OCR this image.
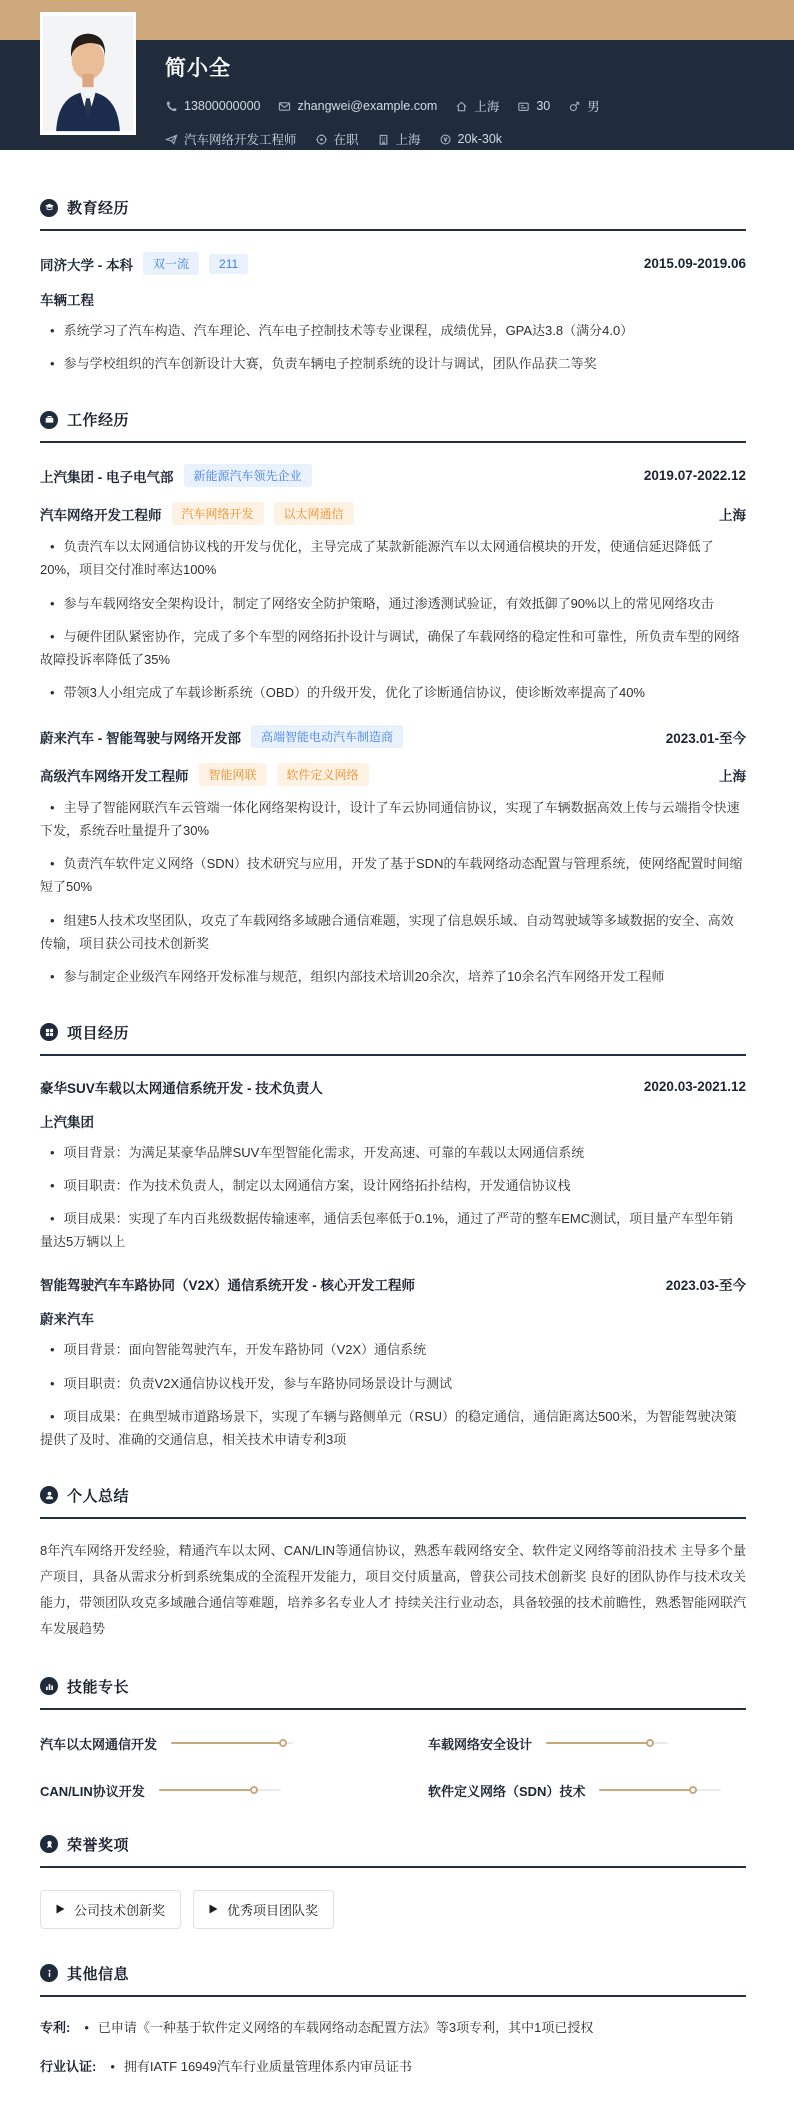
简小全
13800000000	zhangwei@example.com	上海	30	男
汽车网络开发工程师	在职	上海	20k-30k
教育经历
同济大学 - 本科	双一流	211	2015.09-2019.06
车辆工程

• 系统学习了汽车构造、汽车理论、汽车电子控制技术等专业课程，成绩优异，GPA达3.8（满分4.0）

• 参与学校组织的汽车创新设计大赛，负责车辆电子控制系统的设计与调试，团队作品获二等奖

工作经历
上汽集团 - 电子电气部	新能源汽车领先企业	2019.07-2022.12
汽车网络开发工程师	汽车网络开发	以太网通信	上海

• 负责汽车以太网通信协议栈的开发与优化，主导完成了某款新能源汽车以太网通信模块的开发，使通信延迟降低了20%，项目交付准时率达100%

• 参与车载网络安全架构设计，制定了网络安全防护策略，通过渗透测试验证，有效抵御了90%以上的常见网络攻击

• 与硬件团队紧密协作，完成了多个车型的网络拓扑设计与调试，确保了车载网络的稳定性和可靠性，所负责车型的网络故障投诉率降低了35%

• 带领3人小组完成了车载诊断系统（OBD）的升级开发，优化了诊断通信协议，使诊断效率提高了40%

蔚来汽车 - 智能驾驶与网络开发部	高端智能电动汽车制造商	2023.01-至今
高级汽车网络开发工程师	智能网联	软件定义网络	上海

• 主导了智能网联汽车云管端一体化网络架构设计，设计了车云协同通信协议，实现了车辆数据高效上传与云端指令快速下发，系统吞吐量提升了30%

• 负责汽车软件定义网络（SDN）技术研究与应用，开发了基于SDN的车载网络动态配置与管理系统，使网络配置时间缩短了50%

• 组建5人技术攻坚团队，攻克了车载网络多域融合通信难题，实现了信息娱乐域、自动驾驶域等多域数据的安全、高效传输，项目获公司技术创新奖

• 参与制定企业级汽车网络开发标准与规范，组织内部技术培训20余次，培养了10余名汽车网络开发工程师

项目经历
豪华SUV车载以太网通信系统开发 - 技术负责人	2020.03-2021.12
上汽集团

• 项目背景：为满足某豪华品牌SUV车型智能化需求，开发高速、可靠的车载以太网通信系统

• 项目职责：作为技术负责人，制定以太网通信方案，设计网络拓扑结构，开发通信协议栈

• 项目成果：实现了车内百兆级数据传输速率，通信丢包率低于0.1%，通过了严苛的整车EMC测试，项目量产车型年销量达5万辆以上

智能驾驶汽车车路协同（V2X）通信系统开发 - 核心开发工程师	2023.03-至今
蔚来汽车

• 项目背景：面向智能驾驶汽车，开发车路协同（V2X）通信系统

• 项目职责：负责V2X通信协议栈开发，参与车路协同场景设计与测试

• 项目成果：在典型城市道路场景下，实现了车辆与路侧单元（RSU）的稳定通信，通信距离达500米，为智能驾驶决策提供了及时、准确的交通信息，相关技术申请专利3项

个人总结

8年汽车网络开发经验，精通汽车以太网、CAN/LIN等通信协议，熟悉车载网络安全、软件定义网络等前沿技术 主导多个量产项目，具备从需求分析到系统集成的全流程开发能力，项目交付质量高，曾获公司技术创新奖 良好的团队协作与技术攻关能力，带领团队攻克多域融合通信等难题，培养多名专业人才 持续关注行业动态，具备较强的技术前瞻性，熟悉智能网联汽车发展趋势

技能专长
汽车以太网通信开发	车载网络安全设计
CAN/LIN协议开发	软件定义网络（SDN）技术
荣誉奖项
公司技术创新奖	优秀项目团队奖
其他信息
专利: • 已申请《一种基于软件定义网络的车载网络动态配置方法》等3项专利，其中1项已授权
行业认证: • 拥有IATF 16949汽车行业质量管理体系内审员证书
